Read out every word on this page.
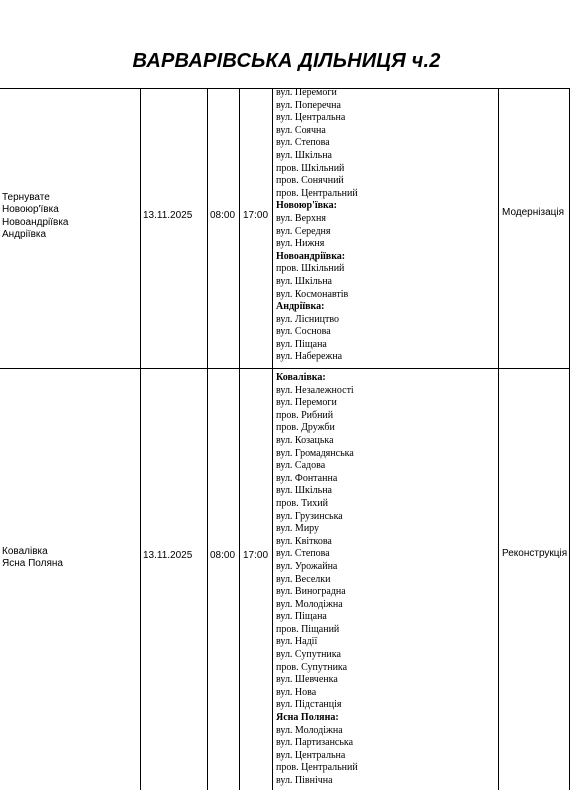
ВАРВАРІВСЬКА ДІЛЬНИЦЯ ч.2
Тернувате
Новоюр'ївка
Новоандріївка
Андріївка
13.11.2025 08:00 17:00	Модернізація
вул. Перемоги
вул. Поперечна
вул. Центральна
вул. Соячна
вул. Степова
вул. Шкільна
пров. Шкільний
пров. Сонячний
пров. Центральний
Новоюр'ївка:
вул. Верхня
вул. Середня
вул. Нижня
Новоандріївка:
пров. Шкільний
вул. Шкільна
вул. Космонавтів
Андріївка:
вул. Лісництво
вул. Соснова
вул. Піщана
вул. Набережна
Ковалівка
Ясна Поляна
13.11.2025 08:00 17:00	Реконструкція
Ковалівка:
вул. Незалежності
вул. Перемоги
пров. Рибний
пров. Дружби
вул. Козацька
вул. Громадянська
вул. Садова
вул. Фонтанна
вул. Шкільна
пров. Тихий
вул. Грузинська
вул. Миру
вул. Квіткова
вул. Степова
вул. Урожайна
вул. Веселки
вул. Виноградна
вул. Молодіжна
вул. Піщана
пров. Піщаний
вул. Надії
вул. Супутника
пров. Супутника
вул. Шевченка
вул. Нова
вул. Підстанція
Ясна Поляна:
вул. Молодіжна
вул. Партизанська
вул. Центральна
пров. Центральний
вул. Північна
